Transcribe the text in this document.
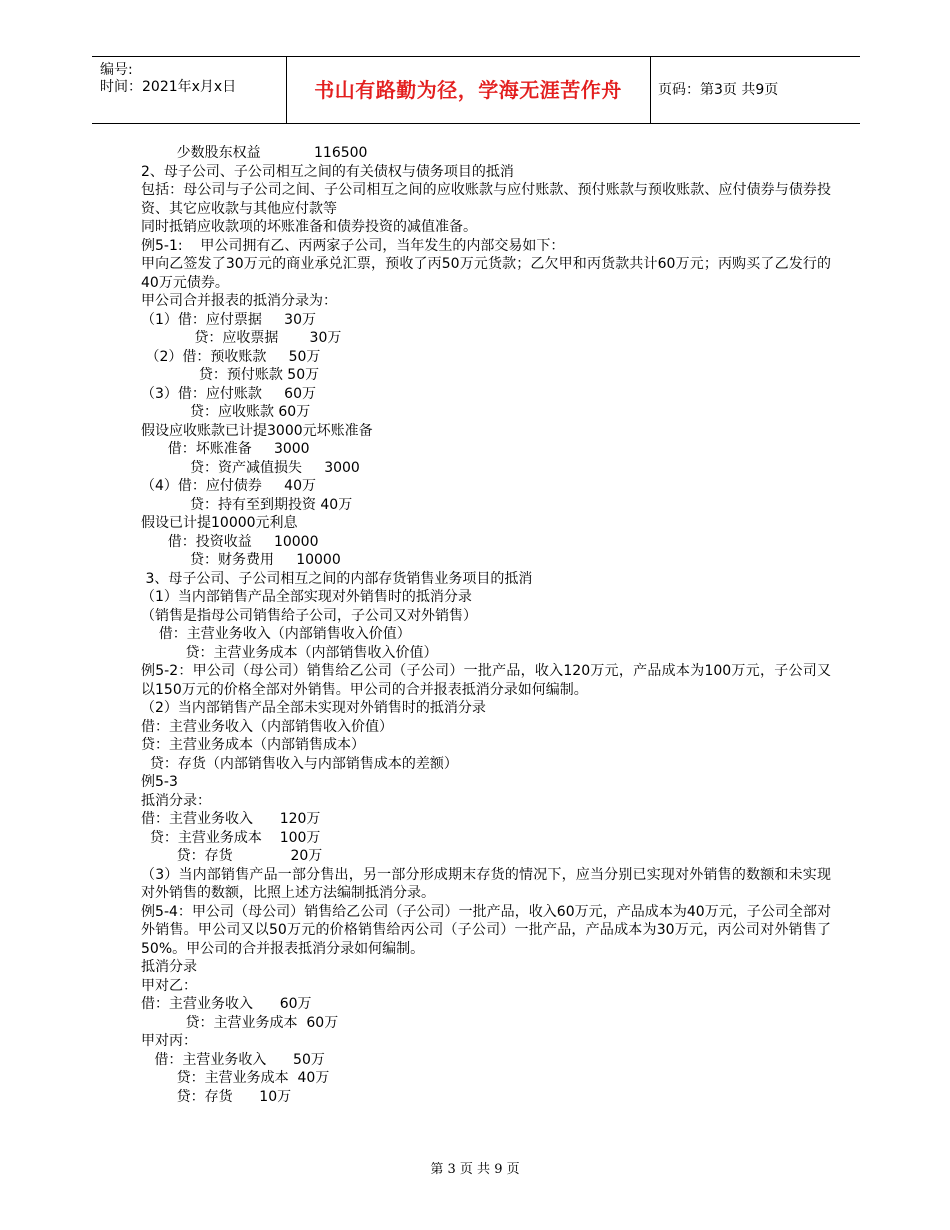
编号:
时间：2021年x月x日	书山有路勤为径，学海无涯苦作舟	页码：第3页 共9页
少数股东权益            116500
2、母子公司、子公司相互之间的有关债权与债务项目的抵消
包括：母公司与子公司之间、子公司相互之间的应收账款与应付账款、预付账款与预收账款、应付债券与债券投资、其它应收款与其他应付款等
同时抵销应收款项的坏账准备和债券投资的减值准备。
例5-1:    甲公司拥有乙、丙两家子公司，当年发生的内部交易如下：
甲向乙签发了30万元的商业承兑汇票，预收了丙50万元货款；乙欠甲和丙货款共计60万元；丙购买了乙发行的40万元债券。
甲公司合并报表的抵消分录为：
（1）借：应付票据     30万
贷：应收票据       30万
（2）借：预收账款     50万
贷：预付账款 50万
（3）借：应付账款     60万
贷：应收账款 60万
假设应收账款已计提3000元坏账准备
借：坏账准备     3000
贷：资产减值损失     3000
（4）借：应付债券     40万
贷：持有至到期投资 40万
假设已计提10000元利息
借：投资收益     10000
贷：财务费用     10000
3、母子公司、子公司相互之间的内部存货销售业务项目的抵消
（1）当内部销售产品全部实现对外销售时的抵消分录
（销售是指母公司销售给子公司，子公司又对外销售）
借：主营业务收入（内部销售收入价值）
贷：主营业务成本（内部销售收入价值）
例5-2：甲公司（母公司）销售给乙公司（子公司）一批产品，收入120万元，产品成本为100万元，子公司又以150万元的价格全部对外销售。甲公司的合并报表抵消分录如何编制。
（2）当内部销售产品全部未实现对外销售时的抵消分录
借：主营业务收入（内部销售收入价值）
贷：主营业务成本（内部销售成本）
贷：存货（内部销售收入与内部销售成本的差额）
例5-3
抵消分录：
借：主营业务收入      120万
贷：主营业务成本    100万
贷：存货             20万
（3）当内部销售产品一部分售出，另一部分形成期末存货的情况下，应当分别已实现对外销售的数额和未实现对外销售的数额，比照上述方法编制抵消分录。
例5-4：甲公司（母公司）销售给乙公司（子公司）一批产品，收入60万元，产品成本为40万元，子公司全部对外销售。甲公司又以50万元的价格销售给丙公司（子公司）一批产品，产品成本为30万元，丙公司对外销售了50%。甲公司的合并报表抵消分录如何编制。
抵消分录
甲对乙：
借：主营业务收入      60万
贷：主营业务成本  60万
甲对丙：
借：主营业务收入      50万
贷：主营业务成本  40万
贷：存货      10万
第 3 页 共 9 页
